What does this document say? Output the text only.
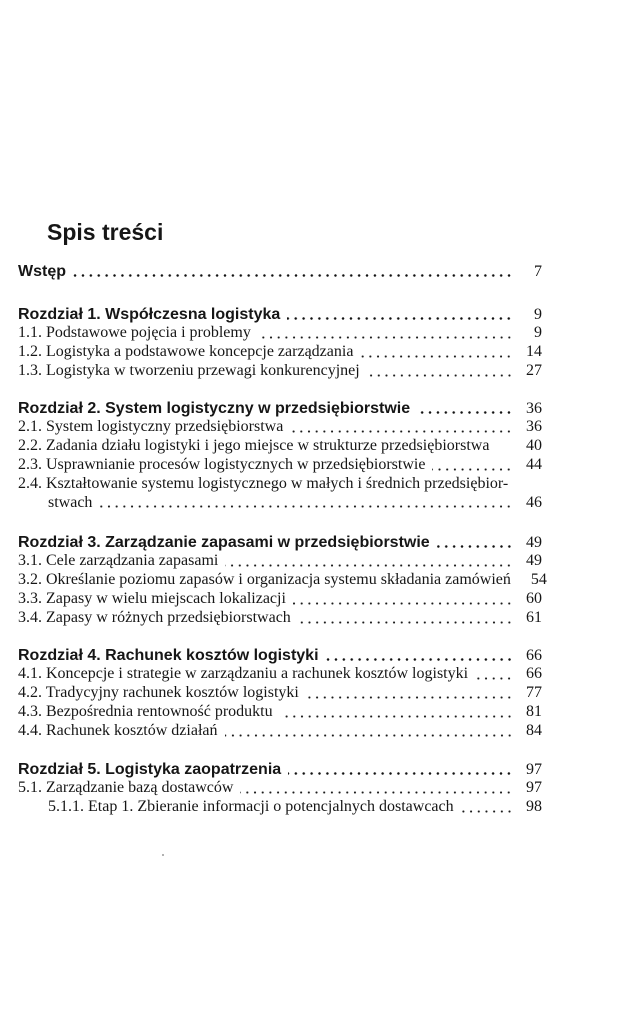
Spis treści
Wstęp	7
Rozdział 1. Współczesna logistyka	9
1.1. Podstawowe pojęcia i problemy	9
1.2. Logistyka a podstawowe koncepcje zarządzania	14
1.3. Logistyka w tworzeniu przewagi konkurencyjnej	27
Rozdział 2. System logistyczny w przedsiębiorstwie	36
2.1. System logistyczny przedsiębiorstwa	36
2.2. Zadania działu logistyki i jego miejsce w strukturze przedsiębiorstwa	40
2.3. Usprawnianie procesów logistycznych w przedsiębiorstwie	44
2.4. Kształtowanie systemu logistycznego w małych i średnich przedsiębior-
stwach	46
Rozdział 3. Zarządzanie zapasami w przedsiębiorstwie	49
3.1. Cele zarządzania zapasami	49
3.2. Określanie poziomu zapasów i organizacja systemu składania zamówień	54
3.3. Zapasy w wielu miejscach lokalizacji	60
3.4. Zapasy w różnych przedsiębiorstwach	61
Rozdział 4. Rachunek kosztów logistyki	66
4.1. Koncepcje i strategie w zarządzaniu a rachunek kosztów logistyki	66
4.2. Tradycyjny rachunek kosztów logistyki	77
4.3. Bezpośrednia rentowność produktu	81
4.4. Rachunek kosztów działań	84
Rozdział 5. Logistyka zaopatrzenia	97
5.1. Zarządzanie bazą dostawców	97
5.1.1. Etap 1. Zbieranie informacji o potencjalnych dostawcach	98
